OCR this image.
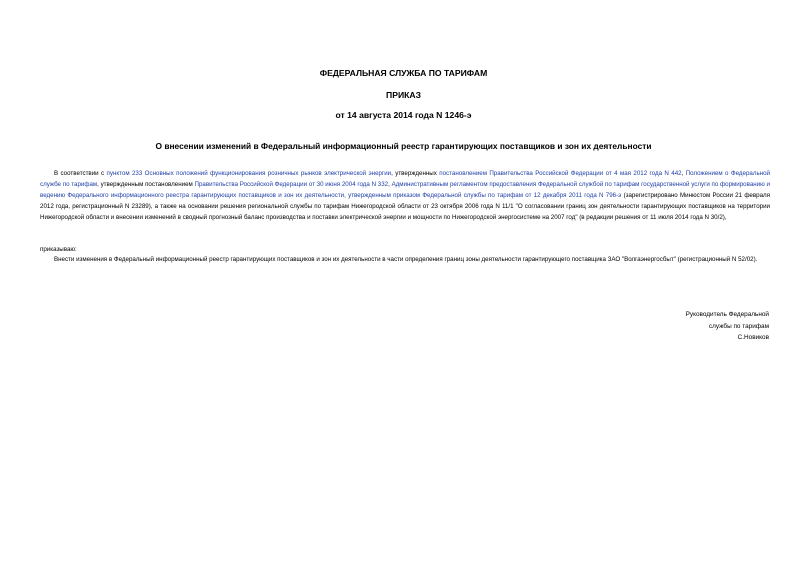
ФЕДЕРАЛЬНАЯ СЛУЖБА ПО ТАРИФАМ
ПРИКАЗ
от 14 августа 2014 года N 1246-э
О внесении изменений в Федеральный информационный реестр гарантирующих поставщиков и зон их деятельности
В соответствии с пунктом 233 Основных положений функционирования розничных рынков электрической энергии, утвержденных постановлением Правительства Российской Федерации от 4 мая 2012 года N 442, Положением о Федеральной службе по тарифам, утвержденным постановлением Правительства Российской Федерации от 30 июня 2004 года N 332, Административным регламентом предоставления Федеральной службой по тарифам государственной услуги по формированию и ведению Федерального информационного реестра гарантирующих поставщиков и зон их деятельности, утвержденным приказом Федеральной службы по тарифам от 12 декабря 2011 года N 796-э (зарегистрировано Минюстом России 21 февраля 2012 года, регистрационный N 23289), а также на основании решения региональной службы по тарифам Нижегородской области от 23 октября 2006 года N 11/1 "О согласовании границ зон деятельности гарантирующих поставщиков на территории Нижегородской области и внесении изменений в сводный прогнозный баланс производства и поставки электрической энергии и мощности по Нижегородской энергосистеме на 2007 год" (в редакции решения от 11 июля 2014 года N 30/2),
приказываю:
Внести изменения в Федеральный информационный реестр гарантирующих поставщиков и зон их деятельности в части определения границ зоны деятельности гарантирующего поставщика ЗАО "Волгаэнергосбыт" (регистрационный N 52/02).
Руководитель Федеральной
службы по тарифам
С.Новиков
